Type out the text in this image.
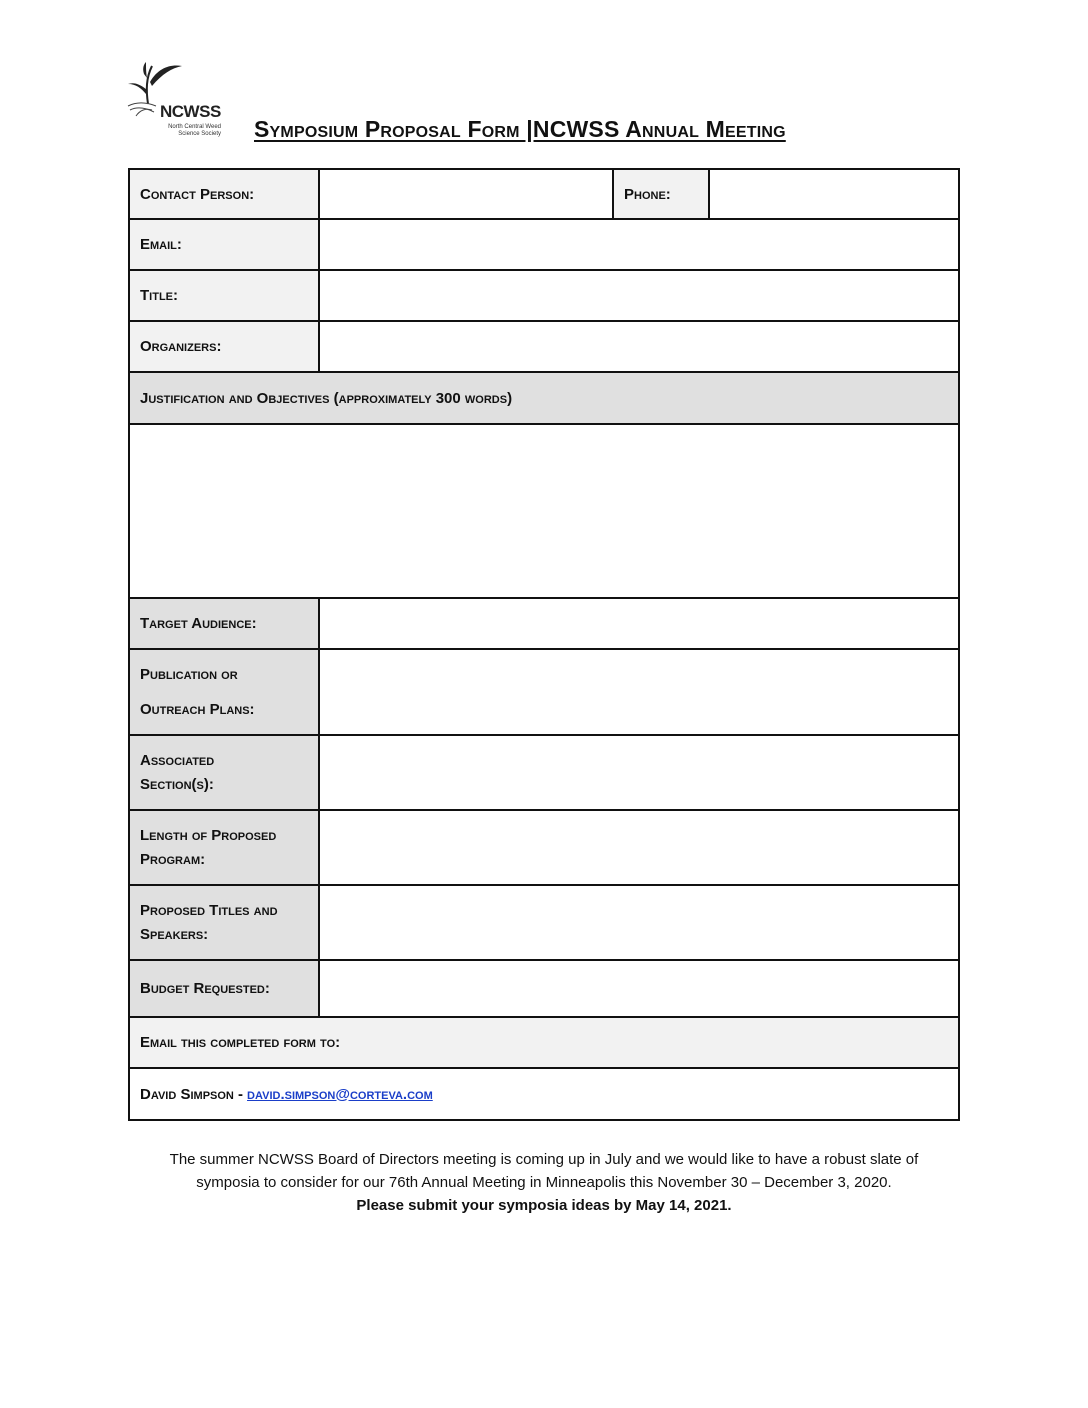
NCWSS
North Central Weed Science Society Symposium Proposal Form |NCWSS Annual Meeting
Contact Person:	Phone:
Email:
Title:
Organizers:
Justification and Objectives (approximately 300 words)
Target Audience:
Publication or
Outreach Plans:
Associated
Section(s):
Length of Proposed
Program:
Proposed Titles and
Speakers:
Budget Requested:
Email this completed form to:
David Simpson - david.simpson@corteva.com
The summer NCWSS Board of Directors meeting is coming up in July and we would like to have a robust slate of
symposia to consider for our 76th Annual Meeting in Minneapolis this November 30 – December 3, 2020.
Please submit your symposia ideas by May 14, 2021.
